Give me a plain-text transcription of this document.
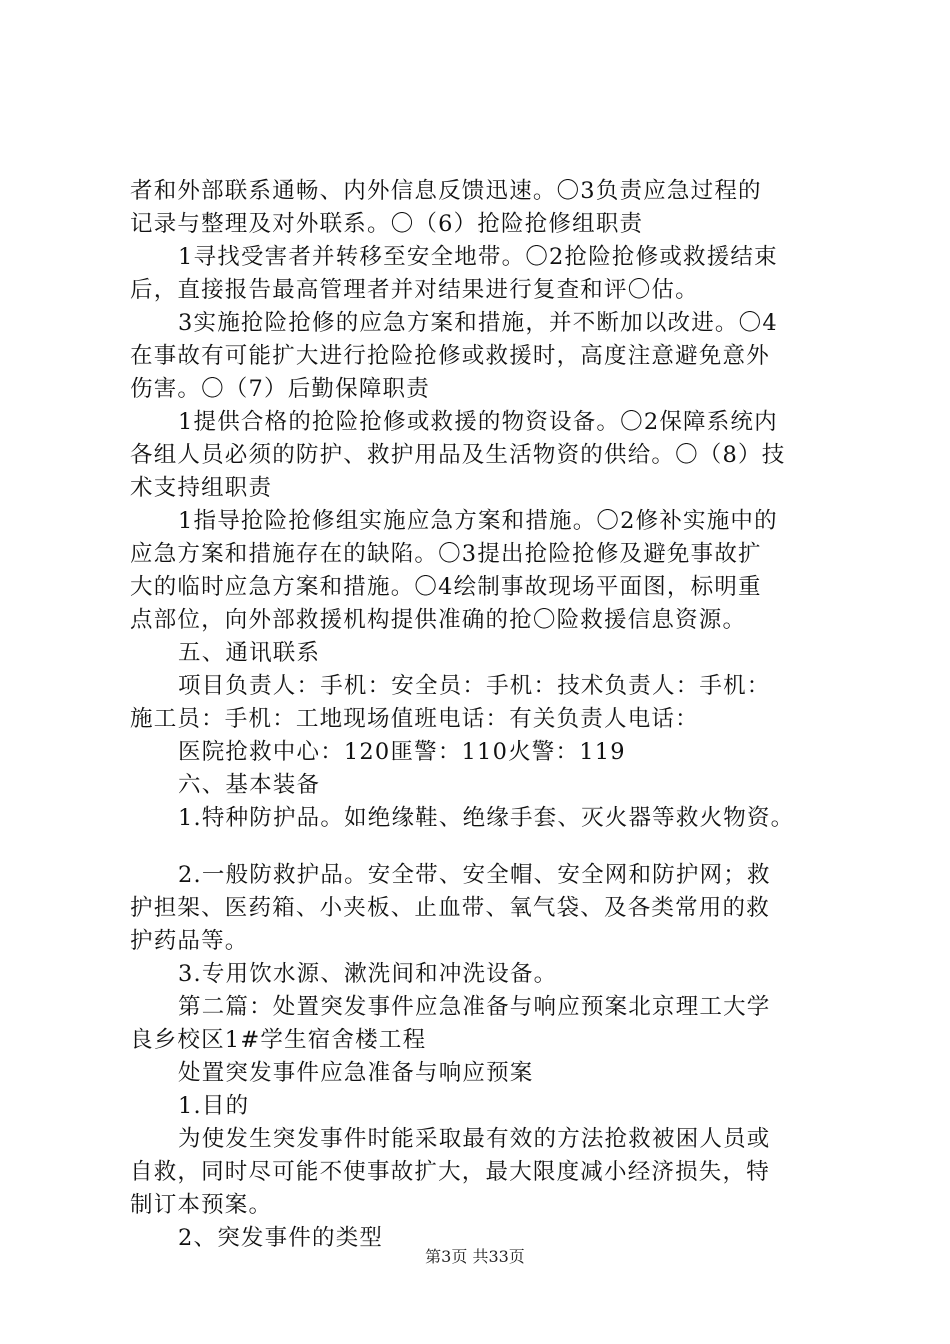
者和外部联系通畅、内外信息反馈迅速。〇3负责应急过程的
记录与整理及对外联系。〇（6）抢险抢修组职责
1寻找受害者并转移至安全地带。〇2抢险抢修或救援结束
后，直接报告最高管理者并对结果进行复查和评〇估。
3实施抢险抢修的应急方案和措施，并不断加以改进。〇4
在事故有可能扩大进行抢险抢修或救援时，高度注意避免意外
伤害。〇（7）后勤保障职责
1提供合格的抢险抢修或救援的物资设备。〇2保障系统内
各组人员必须的防护、救护用品及生活物资的供给。〇（8）技
术支持组职责
1指导抢险抢修组实施应急方案和措施。〇2修补实施中的
应急方案和措施存在的缺陷。〇3提出抢险抢修及避免事故扩
大的临时应急方案和措施。〇4绘制事故现场平面图，标明重
点部位，向外部救援机构提供准确的抢〇险救援信息资源。
五、通讯联系
项目负责人：手机：安全员：手机：技术负责人：手机：
施工员：手机：工地现场值班电话：有关负责人电话：
医院抢救中心：120匪警：110火警：119
六、基本装备
1.特种防护品。如绝缘鞋、绝缘手套、灭火器等救火物资。
2.一般防救护品。安全带、安全帽、安全网和防护网；救
护担架、医药箱、小夹板、止血带、氧气袋、及各类常用的救
护药品等。
3.专用饮水源、漱洗间和冲洗设备。
第二篇：处置突发事件应急准备与响应预案北京理工大学
良乡校区1#学生宿舍楼工程
处置突发事件应急准备与响应预案
1.目的
为使发生突发事件时能采取最有效的方法抢救被困人员或
自救，同时尽可能不使事故扩大，最大限度减小经济损失，特
制订本预案。
2、突发事件的类型
第3页 共33页
